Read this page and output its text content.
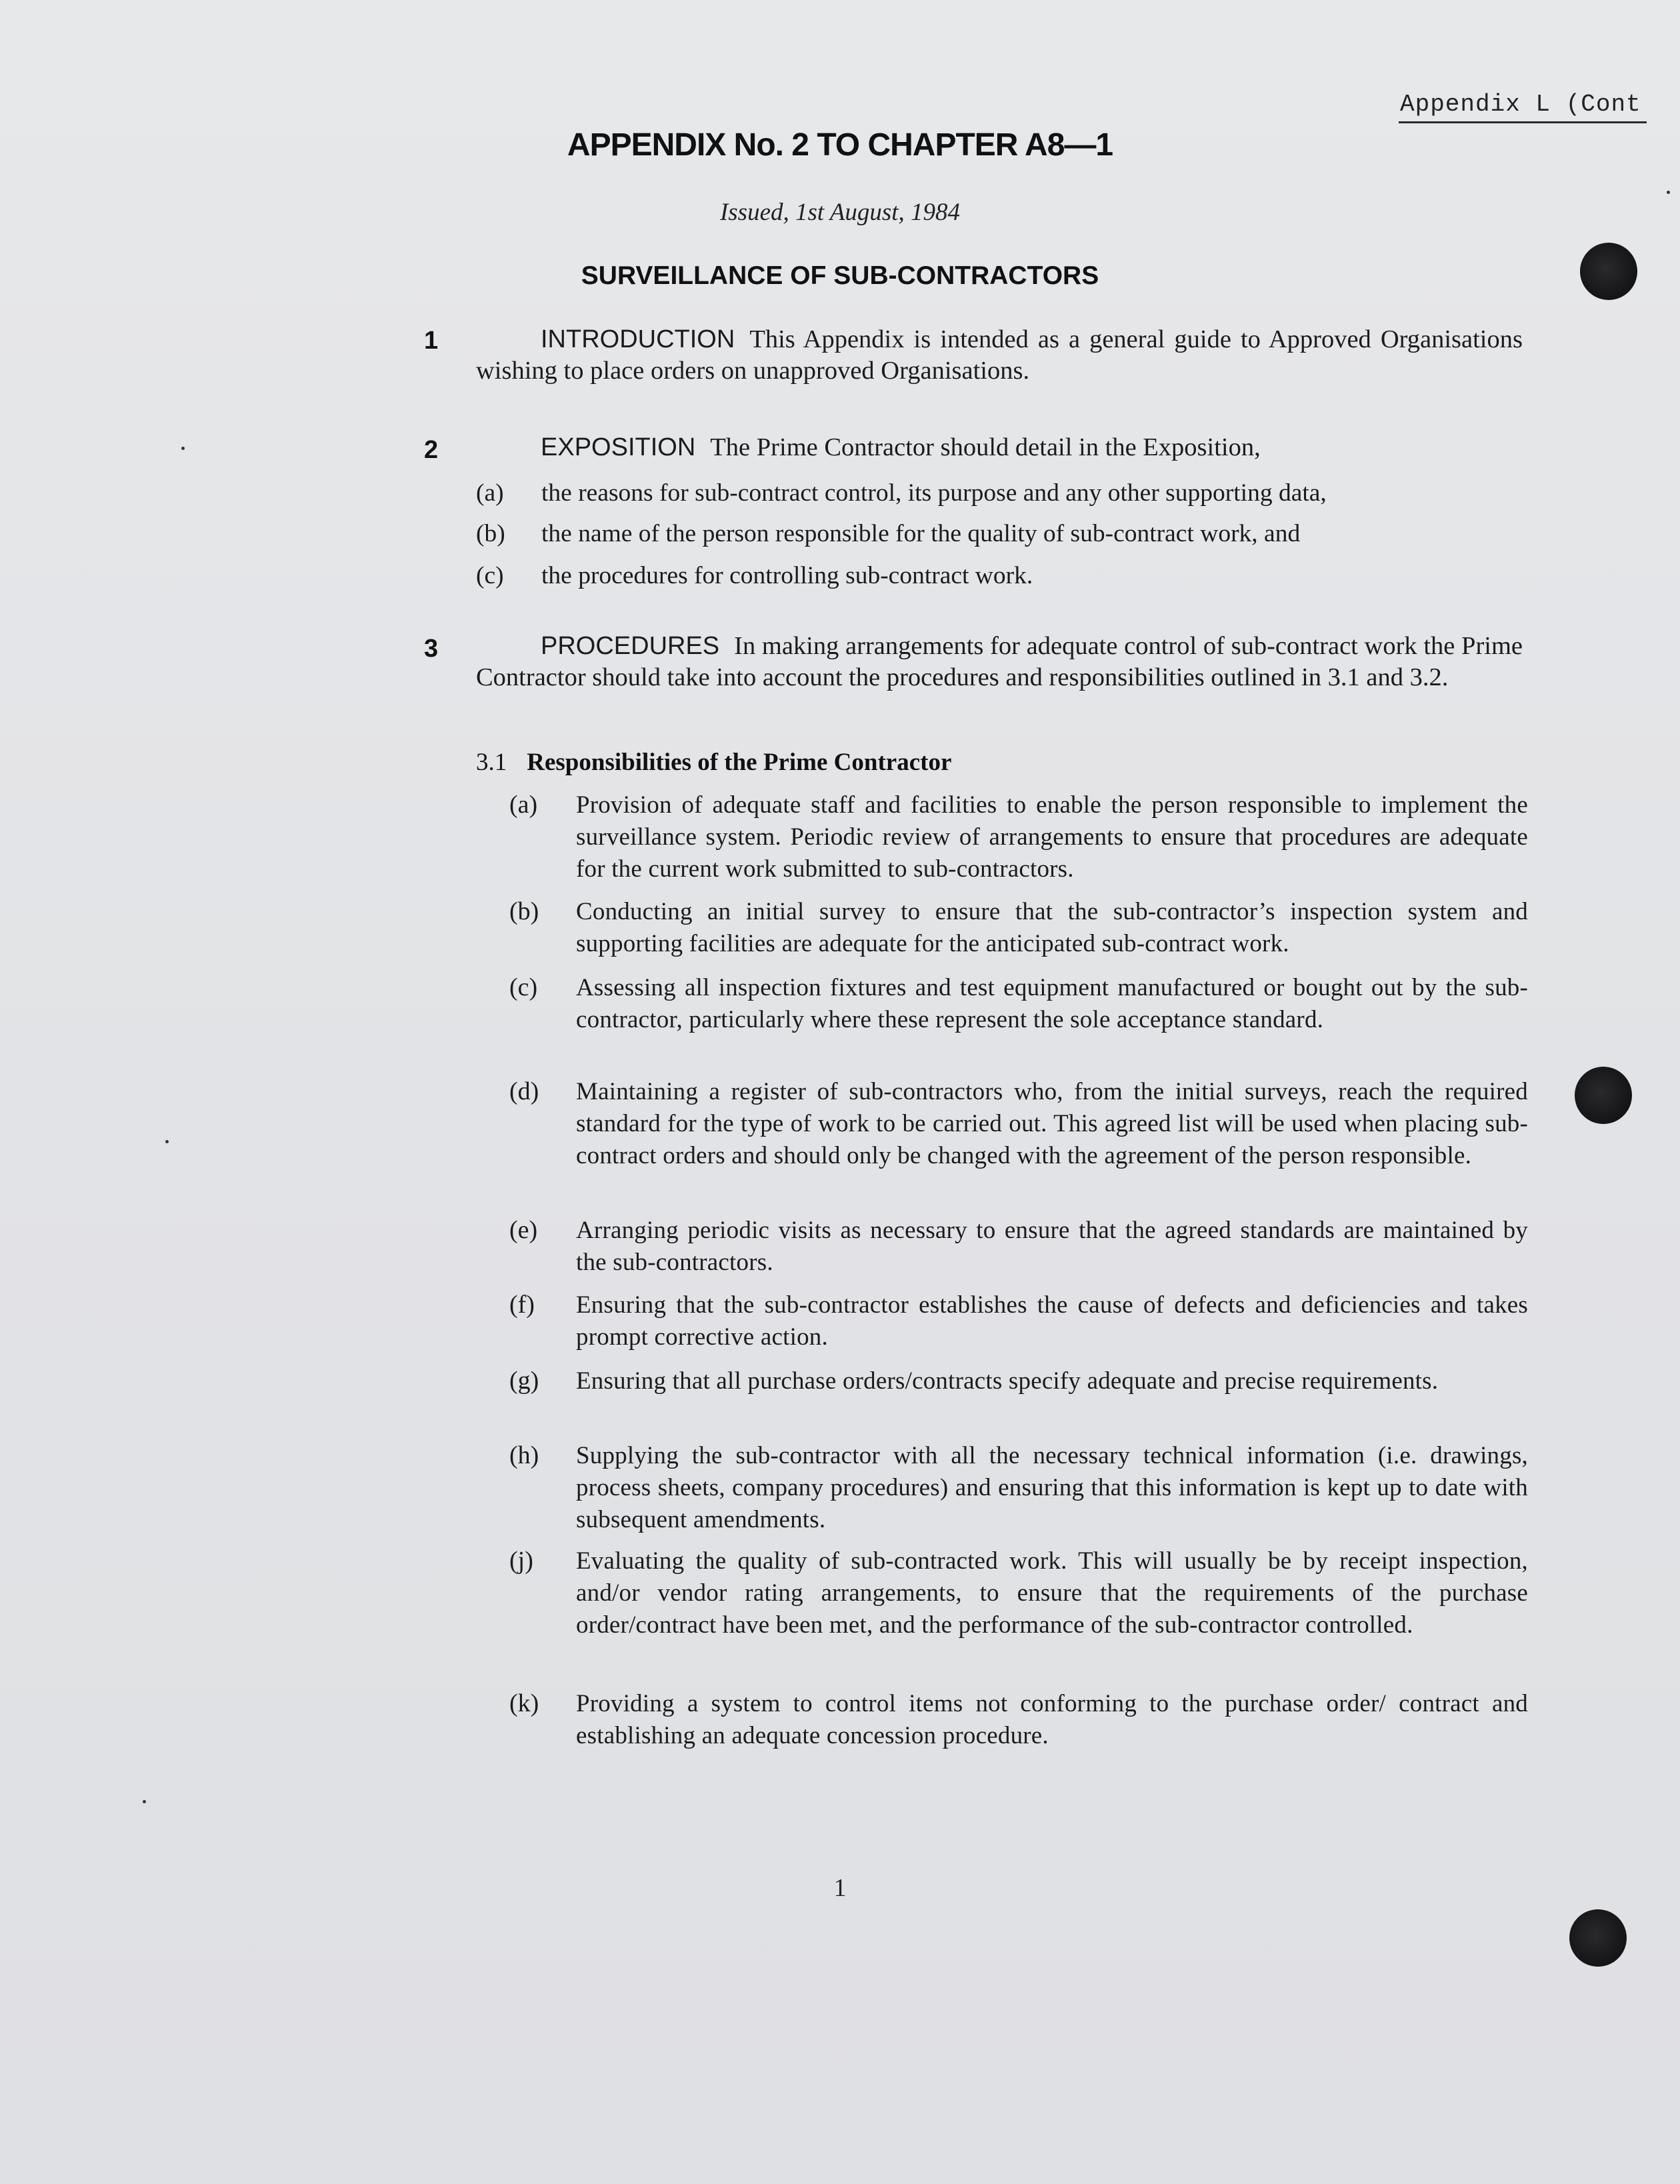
Appendix L (Cont
APPENDIX No. 2 TO CHAPTER A8—1
Issued, 1st August, 1984
SURVEILLANCE OF SUB-CONTRACTORS
1	INTRODUCTION This Appendix is intended as a general guide to Approved Organisations wishing to place orders on unapproved Organisations.
2	EXPOSITION The Prime Contractor should detail in the Exposition,
(a) the reasons for sub-contract control, its purpose and any other supporting data,
(b) the name of the person responsible for the quality of sub-contract work, and
(c) the procedures for controlling sub-contract work.
3	PROCEDURES In making arrangements for adequate control of sub-contract work the Prime Contractor should take into account the procedures and responsibilities outlined in 3.1 and 3.2.
3.1 Responsibilities of the Prime Contractor
(a) Provision of adequate staff and facilities to enable the person responsible to implement the surveillance system. Periodic review of arrangements to ensure that procedures are adequate for the current work submitted to sub-contractors.
(b) Conducting an initial survey to ensure that the sub-contractor’s inspection system and supporting facilities are adequate for the anticipated sub-contract work.
(c) Assessing all inspection fixtures and test equipment manufactured or bought out by the sub-contractor, particularly where these represent the sole acceptance standard.
(d) Maintaining a register of sub-contractors who, from the initial surveys, reach the required standard for the type of work to be carried out. This agreed list will be used when placing sub-contract orders and should only be changed with the agreement of the person responsible.
(e) Arranging periodic visits as necessary to ensure that the agreed standards are maintained by the sub-contractors.
(f) Ensuring that the sub-contractor establishes the cause of defects and deficiencies and takes prompt corrective action.
(g) Ensuring that all purchase orders/contracts specify adequate and precise requirements.
(h) Supplying the sub-contractor with all the necessary technical information (i.e. drawings, process sheets, company procedures) and ensuring that this information is kept up to date with subsequent amendments.
(j) Evaluating the quality of sub-contracted work. This will usually be by receipt inspection, and/or vendor rating arrangements, to ensure that the requirements of the purchase order/contract have been met, and the performance of the sub-contractor controlled.
(k) Providing a system to control items not conforming to the purchase order/ contract and establishing an adequate concession procedure.
1
